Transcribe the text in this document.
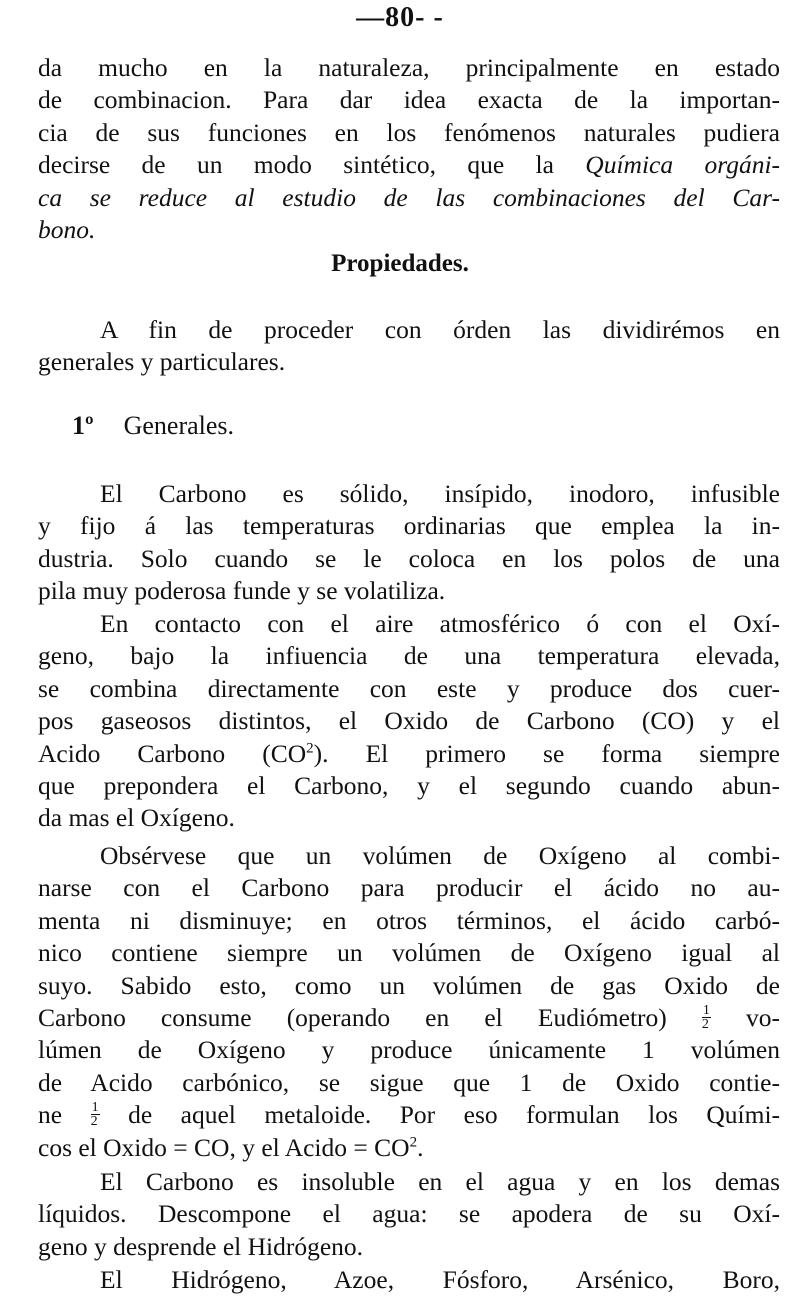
—80- -
da mucho en la naturaleza, principalmente en estado
de combinacion. Para dar idea exacta de la importan-
cia de sus funciones en los fenómenos naturales pudiera
decirse de un modo sintético, que la Química orgáni-
ca se reduce al estudio de las combinaciones del Car-
bono.
Propiedades.
A fin de proceder con órden las dividirémos en
generales y particulares.
1º Generales.
El Carbono es sólido, insípido, inodoro, infusible
y fijo á las temperaturas ordinarias que emplea la in-
dustria. Solo cuando se le coloca en los polos de una
pila muy poderosa funde y se volatiliza.
En contacto con el aire atmosférico ó con el Oxí-
geno, bajo la infiuencia de una temperatura elevada,
se combina directamente con este y produce dos cuer-
pos gaseosos distintos, el Oxido de Carbono (CO) y el
Acido Carbono $(CO^2)$. El primero se forma siempre
que prepondera el Carbono, y el segundo cuando abun-
da mas el Oxígeno.
Obsérvese que un volúmen de Oxígeno al combi-
narse con el Carbono para producir el ácido no au-
menta ni disminuye; en otros términos, el ácido carbó-
nico contiene siempre un volúmen de Oxígeno igual al
suyo. Sabido esto, como un volúmen de gas Oxido de
Carbono consume (operando en el Eudiómetro)	$\frac{1}{2} vo-$
lúmen de Oxígeno y produce únicamente 1 volúmen
de Acido carbónico, se sigue que 1 de Oxido contie-
ne $\frac{1}{2}$ de aquel metaloide. Por eso formulan los Quími-
cos el Oxido = CO, y el Acido = $CO^2$.
El Carbono es insoluble en el agua y en los demas
líquidos. Descompone el agua: se apodera de su Oxí-
geno y desprende el Hidrógeno.
El Hidrógeno, Azoe, Fósforo, Arsénico, Boro,
